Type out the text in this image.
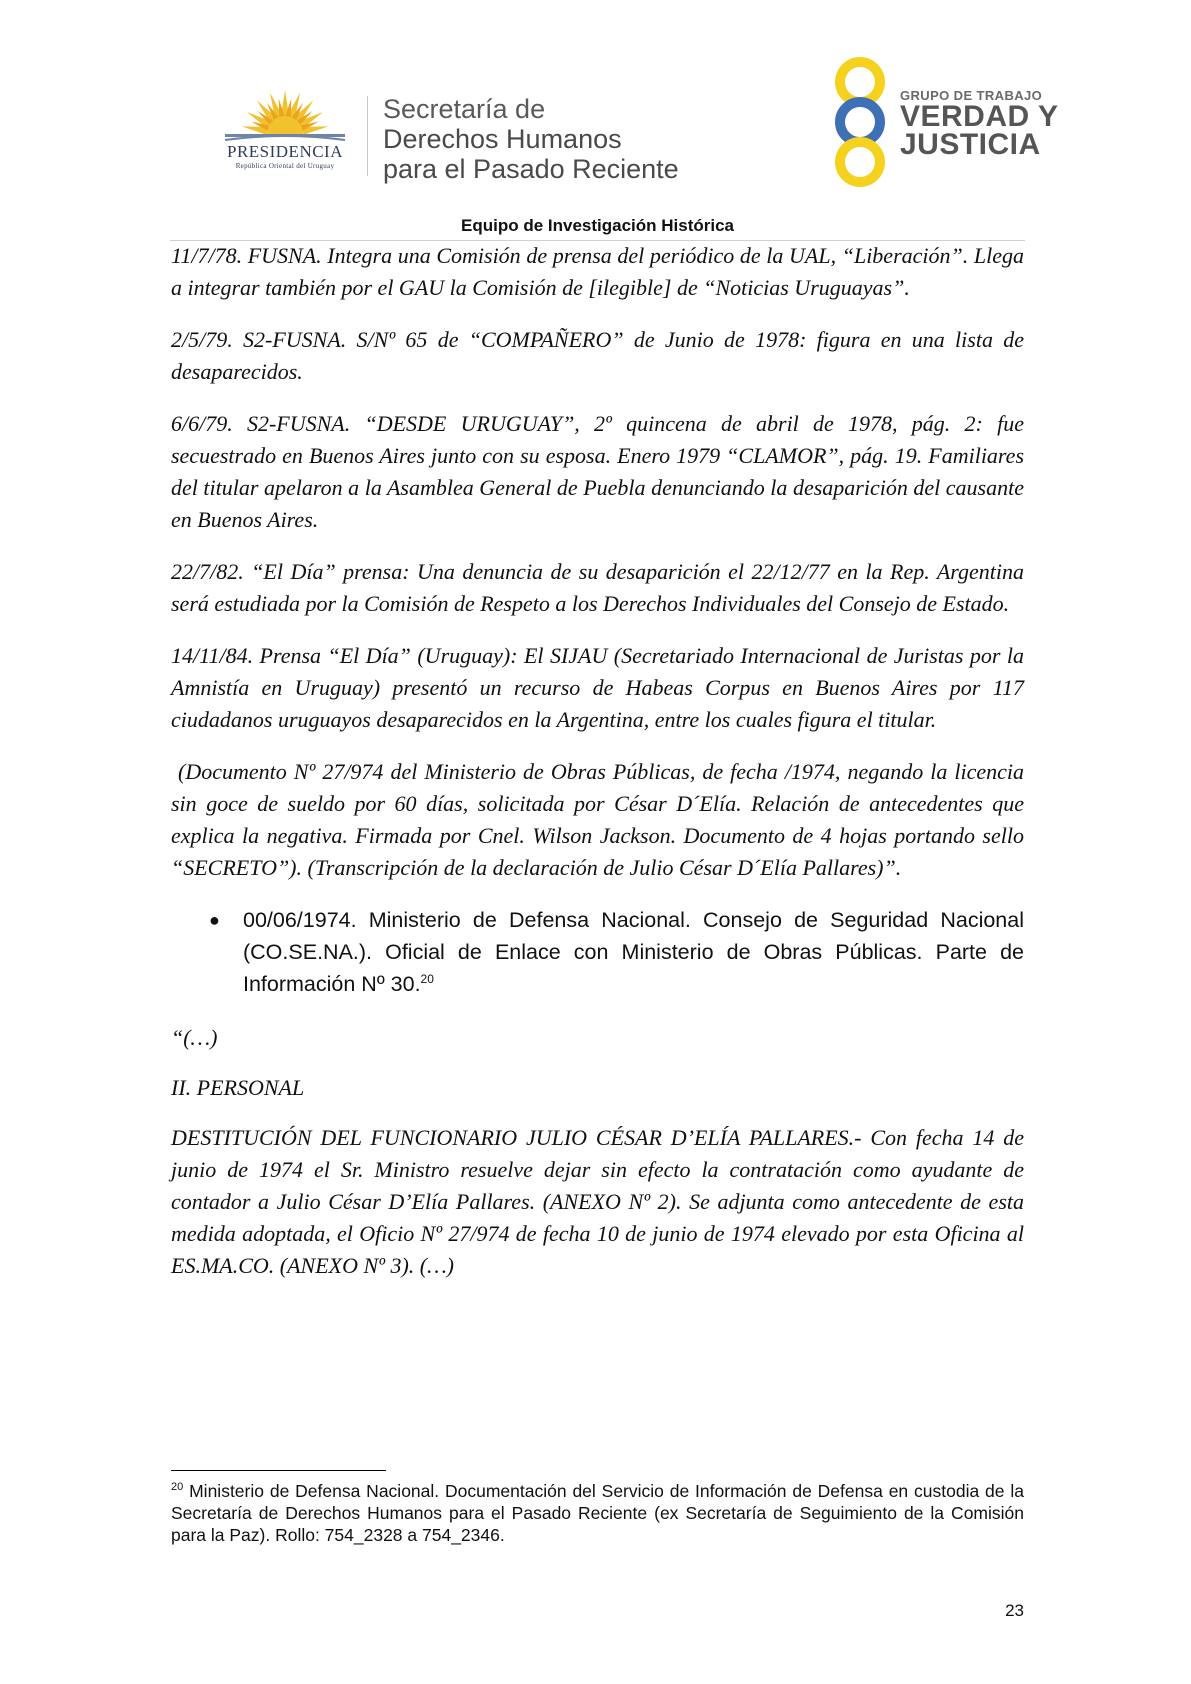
PRESIDENCIA
República Oriental del Uruguay
Secretaría de
Derechos Humanos
para el Pasado Reciente
GRUPO DE TRABAJO
VERDAD Y
JUSTICIA
Equipo de Investigación Histórica

11/7/78. FUSNA. Integra una Comisión de prensa del periódico de la UAL, “Liberación”. Llega a integrar también por el GAU la Comisión de [ilegible] de “Noticias Uruguayas”.

2/5/79. S2-FUSNA. S/Nº 65 de “COMPAÑERO” de Junio de 1978: figura en una lista de desaparecidos.

6/6/79. S2-FUSNA. “DESDE URUGUAY”, 2º quincena de abril de 1978, pág. 2: fue secuestrado en Buenos Aires junto con su esposa. Enero 1979 “CLAMOR”, pág. 19. Familiares del titular apelaron a la Asamblea General de Puebla denunciando la desaparición del causante en Buenos Aires.

22/7/82. “El Día” prensa: Una denuncia de su desaparición el 22/12/77 en la Rep. Argentina será estudiada por la Comisión de Respeto a los Derechos Individuales del Consejo de Estado.

14/11/84. Prensa “El Día” (Uruguay): El SIJAU (Secretariado Internacional de Juristas por la Amnistía en Uruguay) presentó un recurso de Habeas Corpus en Buenos Aires por 117 ciudadanos uruguayos desaparecidos en la Argentina, entre los cuales figura el titular.

(Documento Nº 27/974 del Ministerio de Obras Públicas, de fecha /1974, negando la licencia sin goce de sueldo por 60 días, solicitada por César D´Elía. Relación de antecedentes que explica la negativa. Firmada por Cnel. Wilson Jackson. Documento de 4 hojas portando sello “SECRETO”). (Transcripción de la declaración de Julio César D´Elía Pallares)”.

● 00/06/1974. Ministerio de Defensa Nacional. Consejo de Seguridad Nacional (CO.SE.NA.). Oficial de Enlace con Ministerio de Obras Públicas. Parte de Información Nº 30.20

“(…)

II. PERSONAL

DESTITUCIÓN DEL FUNCIONARIO JULIO CÉSAR D’ELÍA PALLARES.- Con fecha 14 de junio de 1974 el Sr. Ministro resuelve dejar sin efecto la contratación como ayudante de contador a Julio César D’Elía Pallares. (ANEXO Nº 2). Se adjunta como antecedente de esta medida adoptada, el Oficio Nº 27/974 de fecha 10 de junio de 1974 elevado por esta Oficina al ES.MA.CO. (ANEXO Nº 3). (…)

$^{20}$ Ministerio de Defensa Nacional. Documentación del Servicio de Información de Defensa en custodia de la Secretaría de Derechos Humanos para el Pasado Reciente (ex Secretaría de Seguimiento de la Comisión para la Paz). Rollo: 754_2328 a 754_2346.
23
